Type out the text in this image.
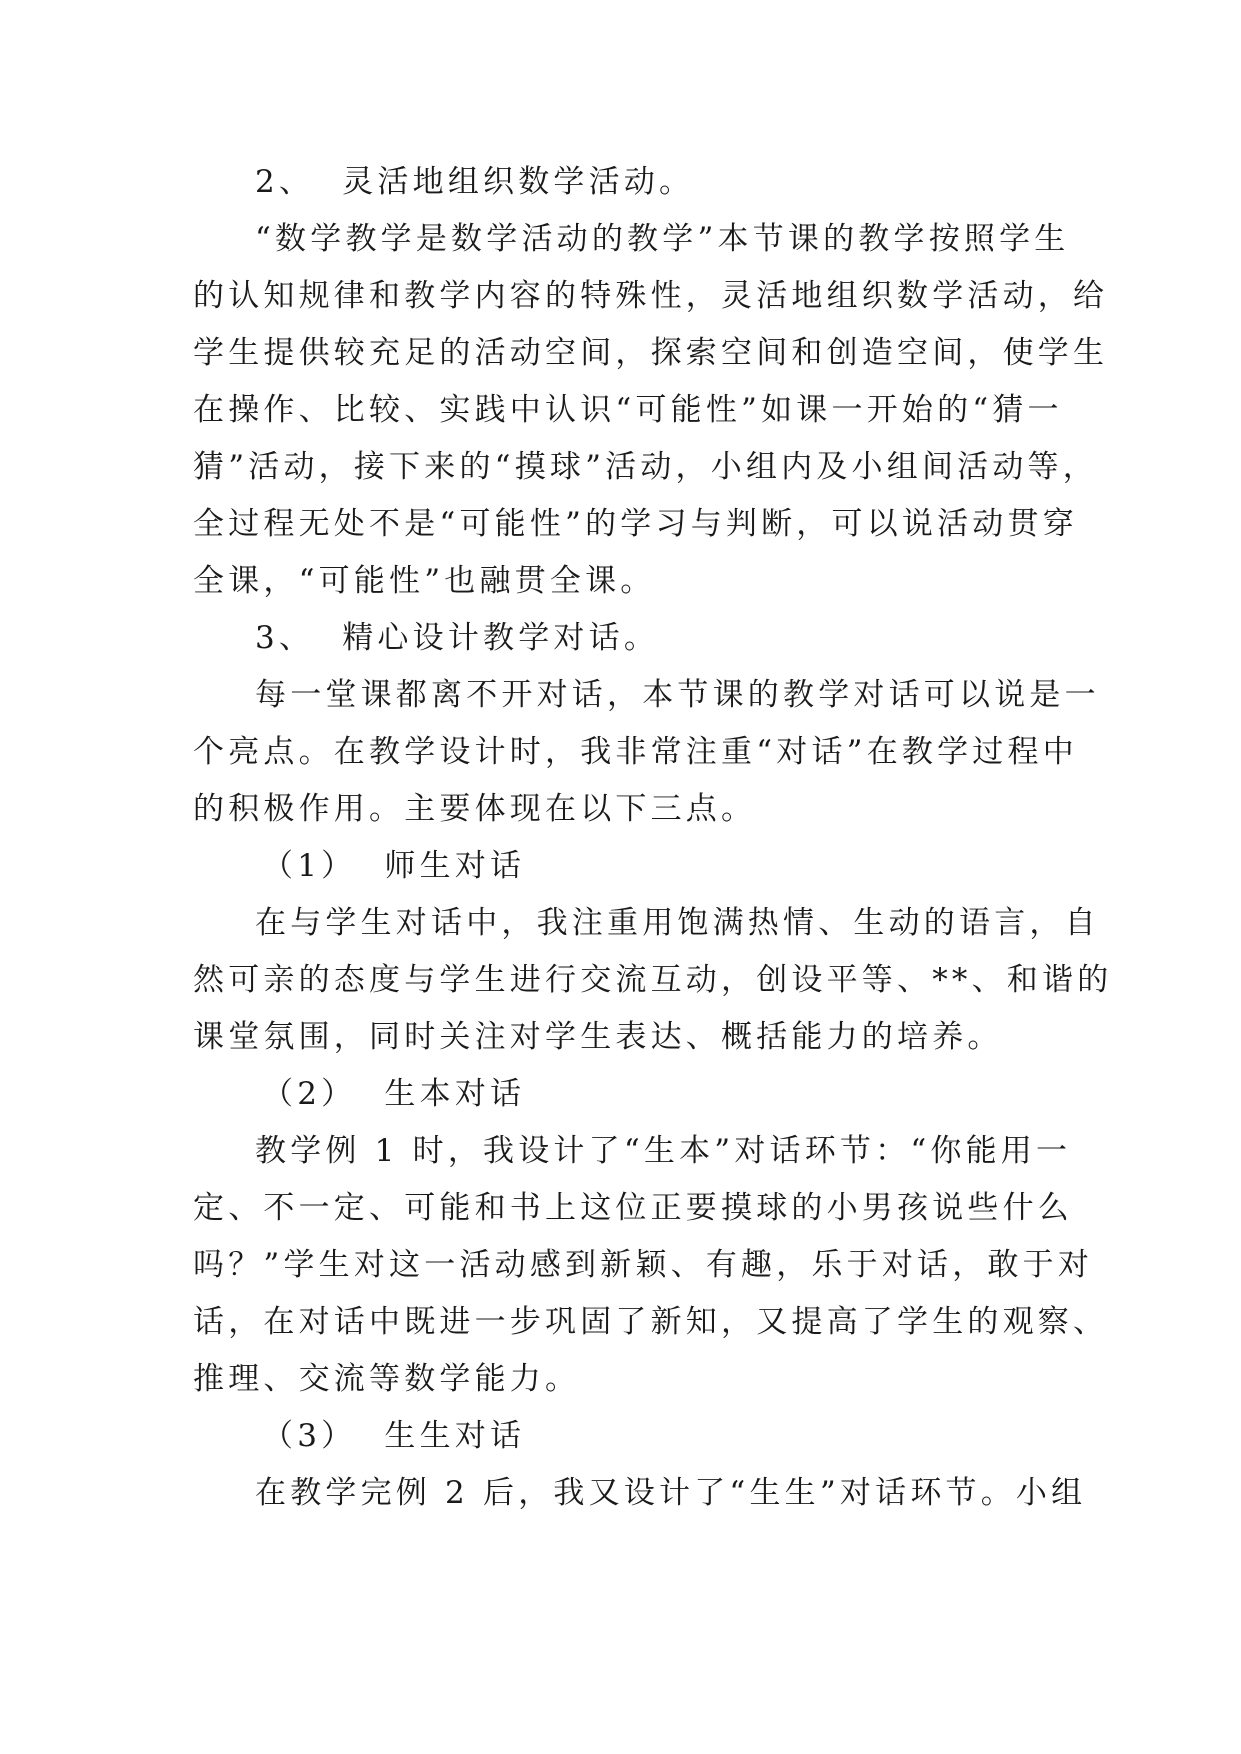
2、  灵活地组织数学活动。
“数学教学是数学活动的教学”本节课的教学按照学生
的认知规律和教学内容的特殊性，灵活地组织数学活动，给
学生提供较充足的活动空间，探索空间和创造空间，使学生
在操作、比较、实践中认识“可能性”如课一开始的“猜一
猜”活动，接下来的“摸球”活动，小组内及小组间活动等，
全过程无处不是“可能性”的学习与判断，可以说活动贯穿
全课，“可能性”也融贯全课。
3、  精心设计教学对话。
每一堂课都离不开对话，本节课的教学对话可以说是一
个亮点。在教学设计时，我非常注重“对话”在教学过程中
的积极作用。主要体现在以下三点。
（1）  师生对话
在与学生对话中，我注重用饱满热情、生动的语言，自
然可亲的态度与学生进行交流互动，创设平等、**、和谐的
课堂氛围，同时关注对学生表达、概括能力的培养。
（2）  生本对话
教学例 1 时，我设计了“生本”对话环节：“你能用一
定、不一定、可能和书上这位正要摸球的小男孩说些什么
吗？”学生对这一活动感到新颖、有趣，乐于对话，敢于对
话，在对话中既进一步巩固了新知，又提高了学生的观察、
推理、交流等数学能力。
（3）  生生对话
在教学完例 2 后，我又设计了“生生”对话环节。小组
